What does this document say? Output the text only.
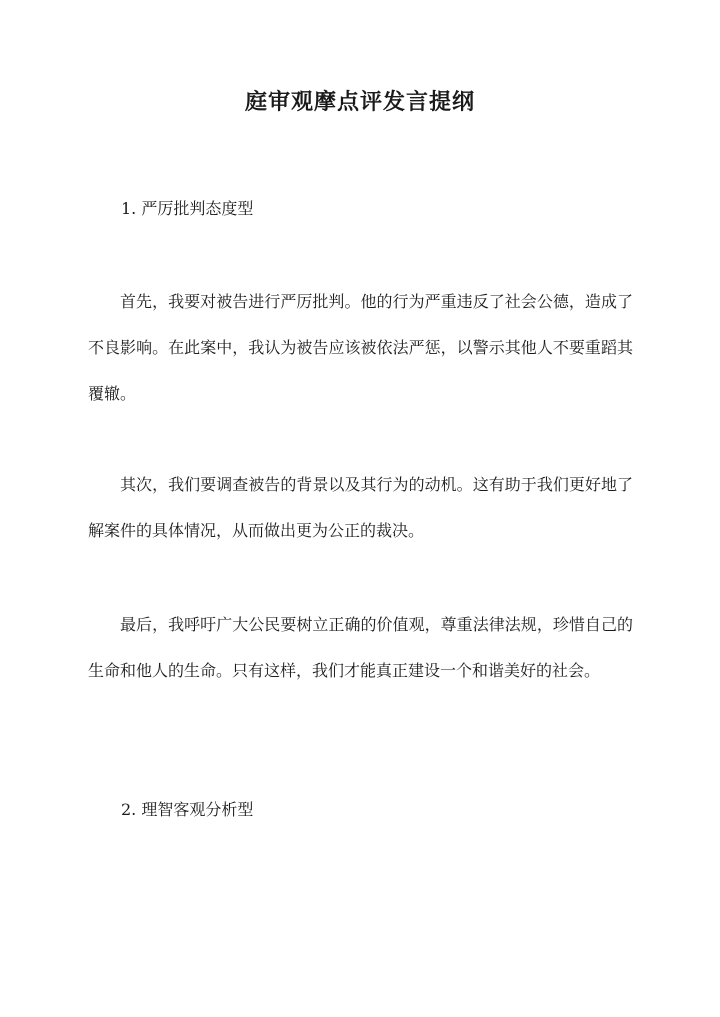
庭审观摩点评发言提纲
1. 严厉批判态度型

首先，我要对被告进行严厉批判。他的行为严重违反了社会公德，造成了不良影响。在此案中，我认为被告应该被依法严惩，以警示其他人不要重蹈其覆辙。

其次，我们要调查被告的背景以及其行为的动机。这有助于我们更好地了解案件的具体情况，从而做出更为公正的裁决。

最后，我呼吁广大公民要树立正确的价值观，尊重法律法规，珍惜自己的生命和他人的生命。只有这样，我们才能真正建设一个和谐美好的社会。

2. 理智客观分析型
